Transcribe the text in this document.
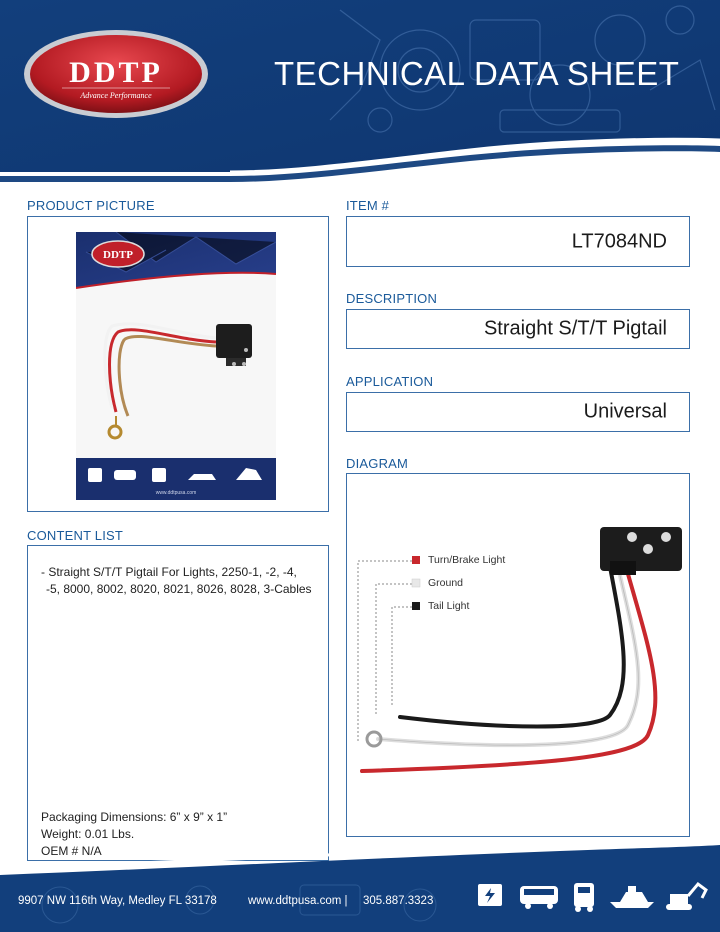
DDTP
Advance Performance
TECHNICAL DATA SHEET
PRODUCT PICTURE
DDTP
www.ddtpusa.com
ITEM #
LT7084ND
DESCRIPTION
Straight S/T/T Pigtail
APPLICATION
Universal
DIAGRAM
Turn/Brake Light
Ground
Tail Light
CONTENT LIST
- Straight S/T/T Pigtail For Lights, 2250-1, -2, -4,
-5, 8000, 8002, 8020, 8021, 8026, 8028, 3-Cables
Packaging Dimensions: 6” x 9” x 1”
Weight: 0.01 Lbs.
OEM # N/A
9907 NW 116th Way, Medley FL 33178	www.ddtpusa.com | 305.887.3323
